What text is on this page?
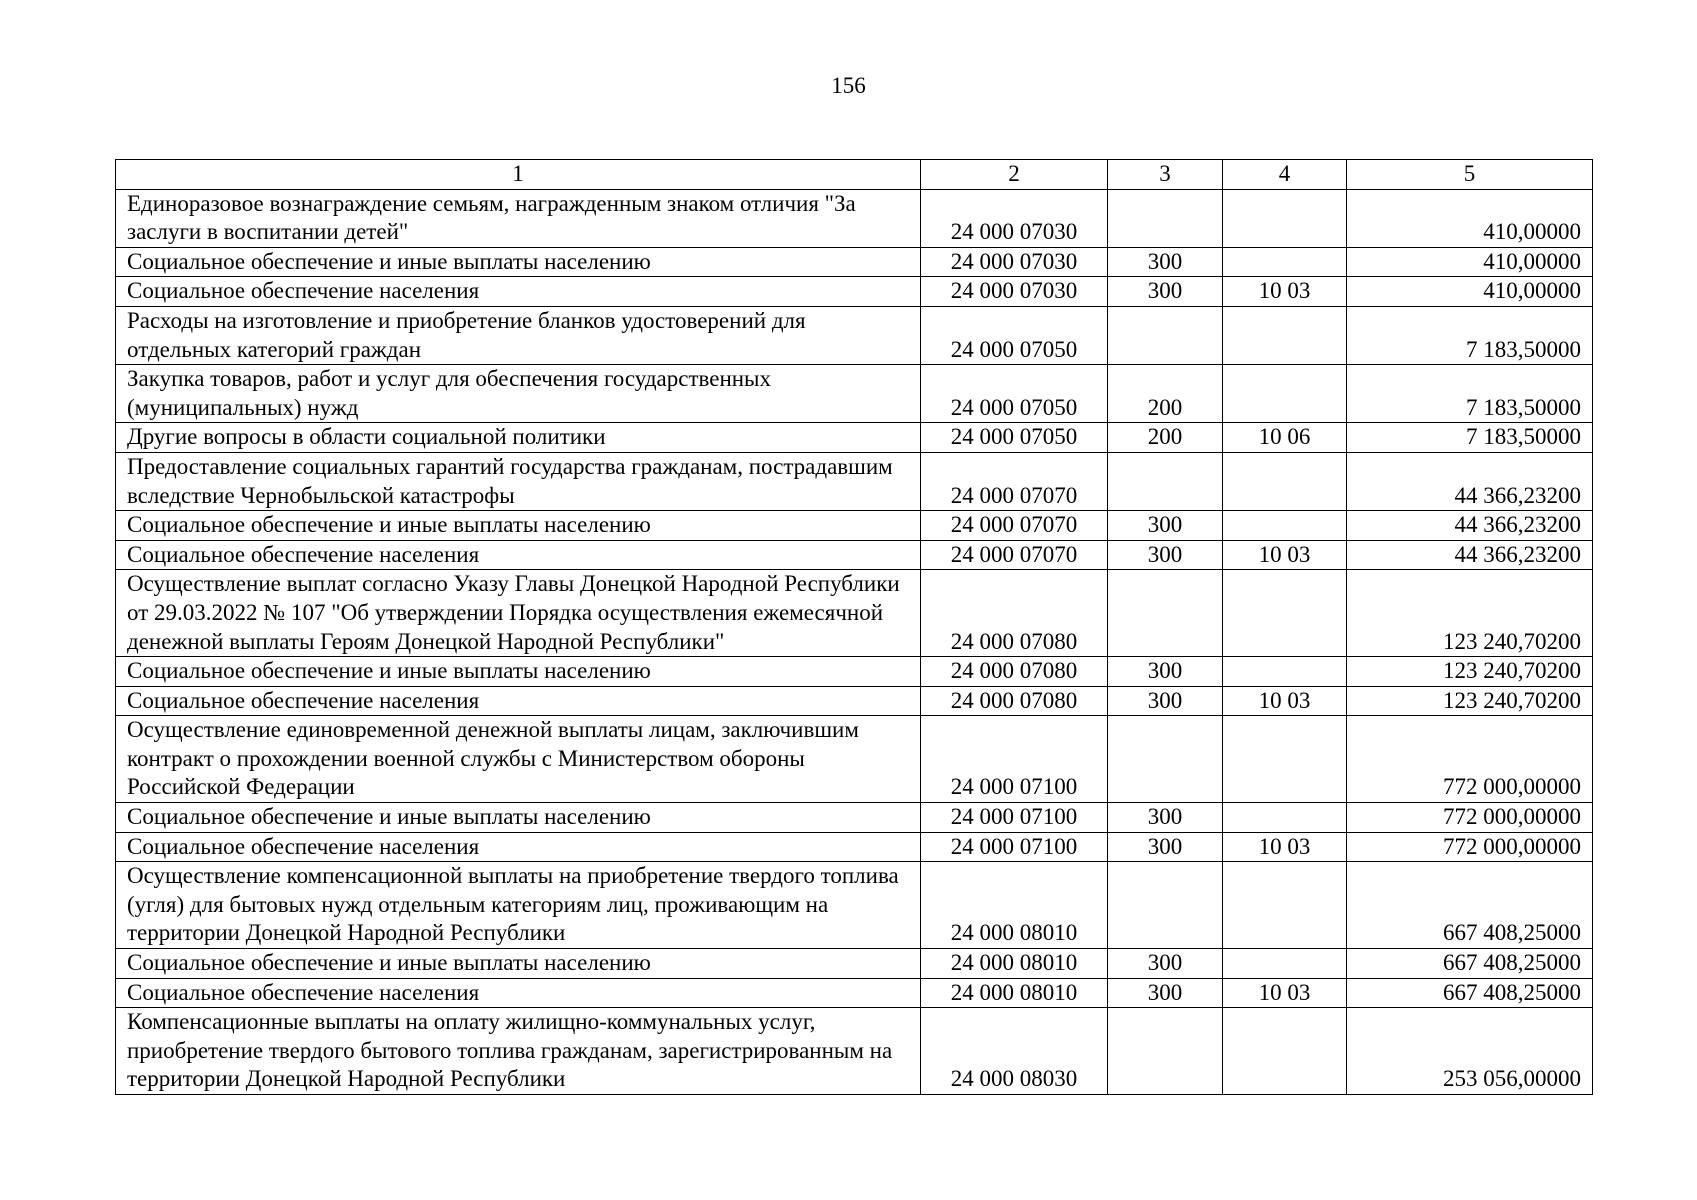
156
1	2	3	4	5
Единоразовое вознаграждение семьям, награжденным знаком отличия "За заслуги в воспитании детей"	24 000 07030			410,00000
Социальное обеспечение и иные выплаты населению	24 000 07030	300		410,00000
Социальное обеспечение населения	24 000 07030	300	10 03	410,00000
Расходы на изготовление и приобретение бланков удостоверений для отдельных категорий граждан	24 000 07050			7 183,50000
Закупка товаров, работ и услуг для обеспечения государственных (муниципальных) нужд	24 000 07050	200		7 183,50000
Другие вопросы в области социальной политики	24 000 07050	200	10 06	7 183,50000
Предоставление социальных гарантий государства гражданам, пострадавшим вследствие Чернобыльской катастрофы	24 000 07070			44 366,23200
Социальное обеспечение и иные выплаты населению	24 000 07070	300		44 366,23200
Социальное обеспечение населения	24 000 07070	300	10 03	44 366,23200
Осуществление выплат согласно Указу Главы Донецкой Народной Республики от 29.03.2022 № 107 "Об утверждении Порядка осуществления ежемесячной денежной выплаты Героям Донецкой Народной Республики"	24 000 07080			123 240,70200
Социальное обеспечение и иные выплаты населению	24 000 07080	300		123 240,70200
Социальное обеспечение населения	24 000 07080	300	10 03	123 240,70200
Осуществление единовременной денежной выплаты лицам, заключившим контракт о прохождении военной службы с Министерством обороны Российской Федерации	24 000 07100			772 000,00000
Социальное обеспечение и иные выплаты населению	24 000 07100	300		772 000,00000
Социальное обеспечение населения	24 000 07100	300	10 03	772 000,00000
Осуществление компенсационной выплаты на приобретение твердого топлива (угля) для бытовых нужд отдельным категориям лиц, проживающим на территории Донецкой Народной Республики	24 000 08010			667 408,25000
Социальное обеспечение и иные выплаты населению	24 000 08010	300		667 408,25000
Социальное обеспечение населения	24 000 08010	300	10 03	667 408,25000
Компенсационные выплаты на оплату жилищно-коммунальных услуг, приобретение твердого бытового топлива гражданам, зарегистрированным на территории Донецкой Народной Республики	24 000 08030			253 056,00000
